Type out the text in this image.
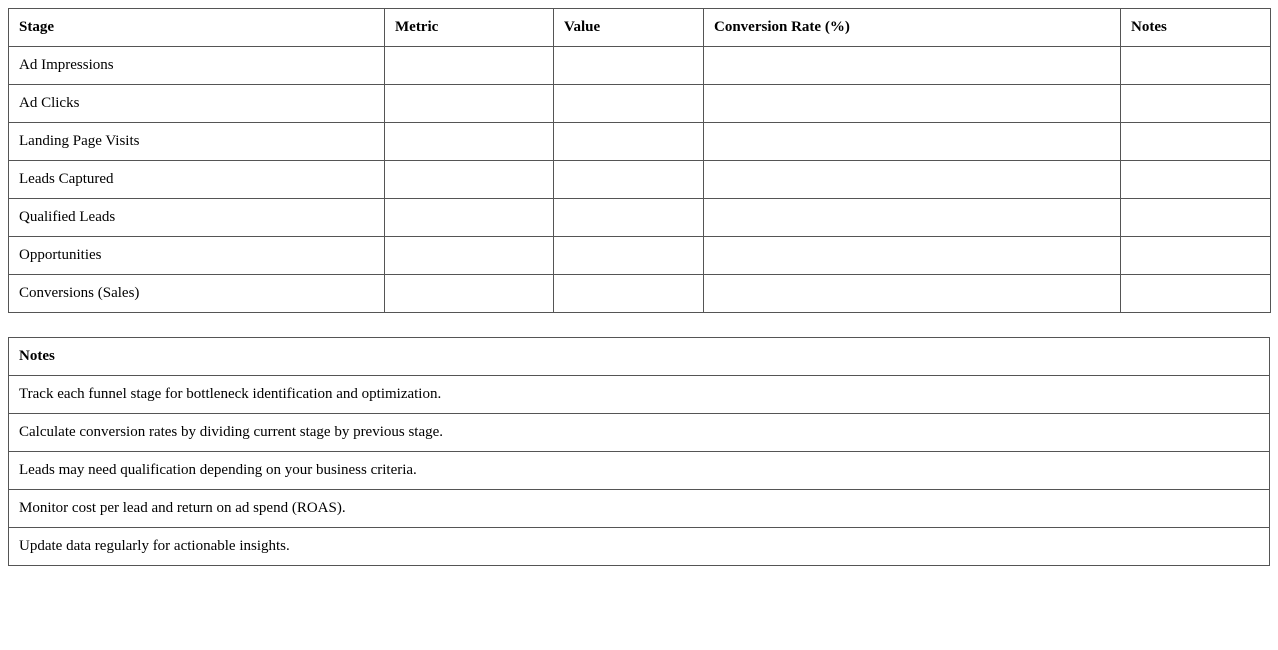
Stage	Metric	Value	Conversion Rate (%)	Notes
Ad Impressions				
Ad Clicks				
Landing Page Visits				
Leads Captured				
Qualified Leads				
Opportunities				
Conversions (Sales)				
Notes
Track each funnel stage for bottleneck identification and optimization.
Calculate conversion rates by dividing current stage by previous stage.
Leads may need qualification depending on your business criteria.
Monitor cost per lead and return on ad spend (ROAS).
Update data regularly for actionable insights.
